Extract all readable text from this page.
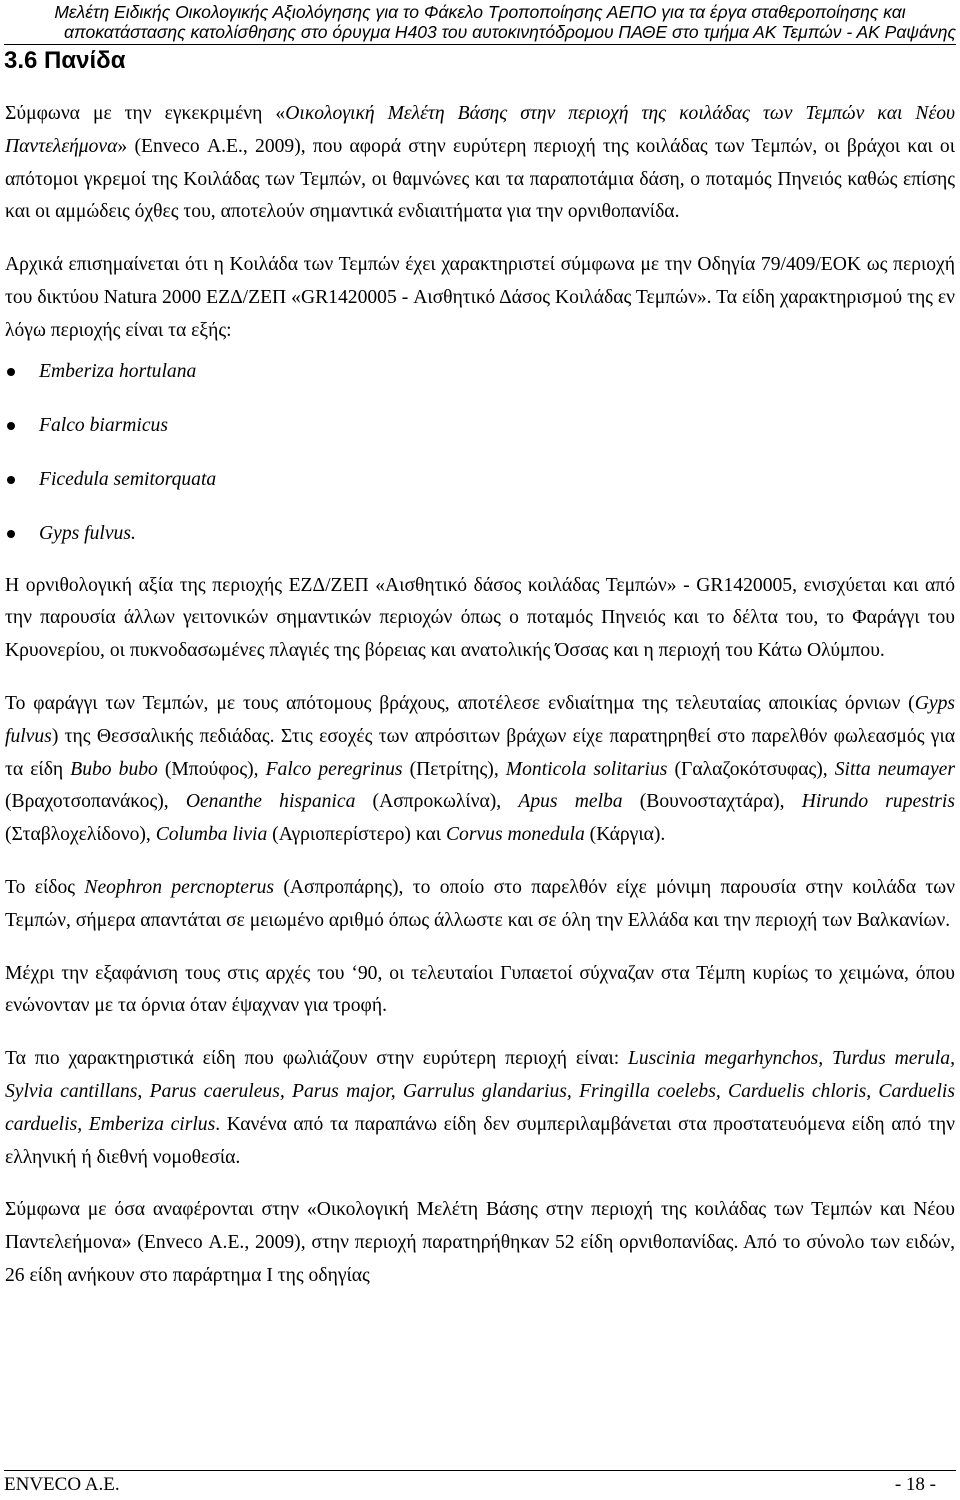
Μελέτη Ειδικής Οικολογικής Αξιολόγησης για το Φάκελο Τροποποίησης ΑΕΠΟ για τα έργα σταθεροποίησης και
αποκατάστασης κατολίσθησης στο όρυγμα Η403 του αυτοκινητόδρομου ΠΑΘΕ στο τμήμα ΑΚ Τεμπών - ΑΚ Ραψάνης
3.6 Πανίδα

Σύμφωνα με την εγκεκριμένη «Οικολογική Μελέτη Βάσης στην περιοχή της κοιλάδας των Τεμπών και Νέου Παντελεήμονα» (Enveco Α.Ε., 2009), που αφορά στην ευρύτερη περιοχή της κοιλάδας των Τεμπών, οι βράχοι και οι απότομοι γκρεμοί της Κοιλάδας των Τεμπών, οι θαμνώνες και τα παραποτάμια δάση, ο ποταμός Πηνειός καθώς επίσης και οι αμμώδεις όχθες του, αποτελούν σημαντικά ενδιαιτήματα για την ορνιθοπανίδα.

Αρχικά επισημαίνεται ότι η Κοιλάδα των Τεμπών έχει χαρακτηριστεί σύμφωνα με την Οδηγία 79/409/ΕΟΚ ως περιοχή του δικτύου Natura 2000 ΕΖΔ/ΖΕΠ «GR1420005 - Αισθητικό Δάσος Κοιλάδας Τεμπών». Τα είδη χαρακτηρισμού της εν λόγω περιοχής είναι τα εξής:

Emberiza hortulana
Falco biarmicus
Ficedula semitorquata
Gyps fulvus.

Η ορνιθολογική αξία της περιοχής ΕΖΔ/ΖΕΠ «Αισθητικό δάσος κοιλάδας Τεμπών» - GR1420005, ενισχύεται και από την παρουσία άλλων γειτονικών σημαντικών περιοχών όπως ο ποταμός Πηνειός και το δέλτα του, το Φαράγγι του Κρυονερίου, οι πυκνοδασωμένες πλαγιές της βόρειας και ανατολικής Όσσας και η περιοχή του Κάτω Ολύμπου.

Το φαράγγι των Τεμπών, με τους απότομους βράχους, αποτέλεσε ενδιαίτημα της τελευταίας αποικίας όρνιων (Gyps fulvus) της Θεσσαλικής πεδιάδας. Στις εσοχές των απρόσιτων βράχων είχε παρατηρηθεί στο παρελθόν φωλεασμός για τα είδη Bubo bubo (Μπούφος), Falco peregrinus (Πετρίτης), Monticola solitarius (Γαλαζοκότσυφας), Sitta neumayer (Βραχοτσοπανάκος), Oenanthe hispanica (Ασπροκωλίνα), Apus melba (Βουνοσταχτάρα), Hirundo rupestris (Σταβλοχελίδονο), Columba livia (Αγριοπερίστερο) και Corvus monedula (Κάργια).

Το είδος Neophron percnopterus (Ασπροπάρης), το οποίο στο παρελθόν είχε μόνιμη παρουσία στην κοιλάδα των Τεμπών, σήμερα απαντάται σε μειωμένο αριθμό όπως άλλωστε και σε όλη την Ελλάδα και την περιοχή των Βαλκανίων.

Μέχρι την εξαφάνιση τους στις αρχές του ‘90, οι τελευταίοι Γυπαετοί σύχναζαν στα Τέμπη κυρίως το χειμώνα, όπου ενώνονταν με τα όρνια όταν έψαχναν για τροφή.

Τα πιο χαρακτηριστικά είδη που φωλιάζουν στην ευρύτερη περιοχή είναι: Luscinia megarhynchos, Turdus merula, Sylvia cantillans, Parus caeruleus, Parus major, Garrulus glandarius, Fringilla coelebs, Carduelis chloris, Carduelis carduelis, Emberiza cirlus. Κανένα από τα παραπάνω είδη δεν συμπεριλαμβάνεται στα προστατευόμενα είδη από την ελληνική ή διεθνή νομοθεσία.

Σύμφωνα με όσα αναφέρονται στην «Οικολογική Μελέτη Βάσης στην περιοχή της κοιλάδας των Τεμπών και Νέου Παντελεήμονα» (Enveco Α.Ε., 2009), στην περιοχή παρατηρήθηκαν 52 είδη ορνιθοπανίδας. Από το σύνολο των ειδών, 26 είδη ανήκουν στο παράρτημα Ι της οδηγίας

ENVECO A.E.	- 18 -
